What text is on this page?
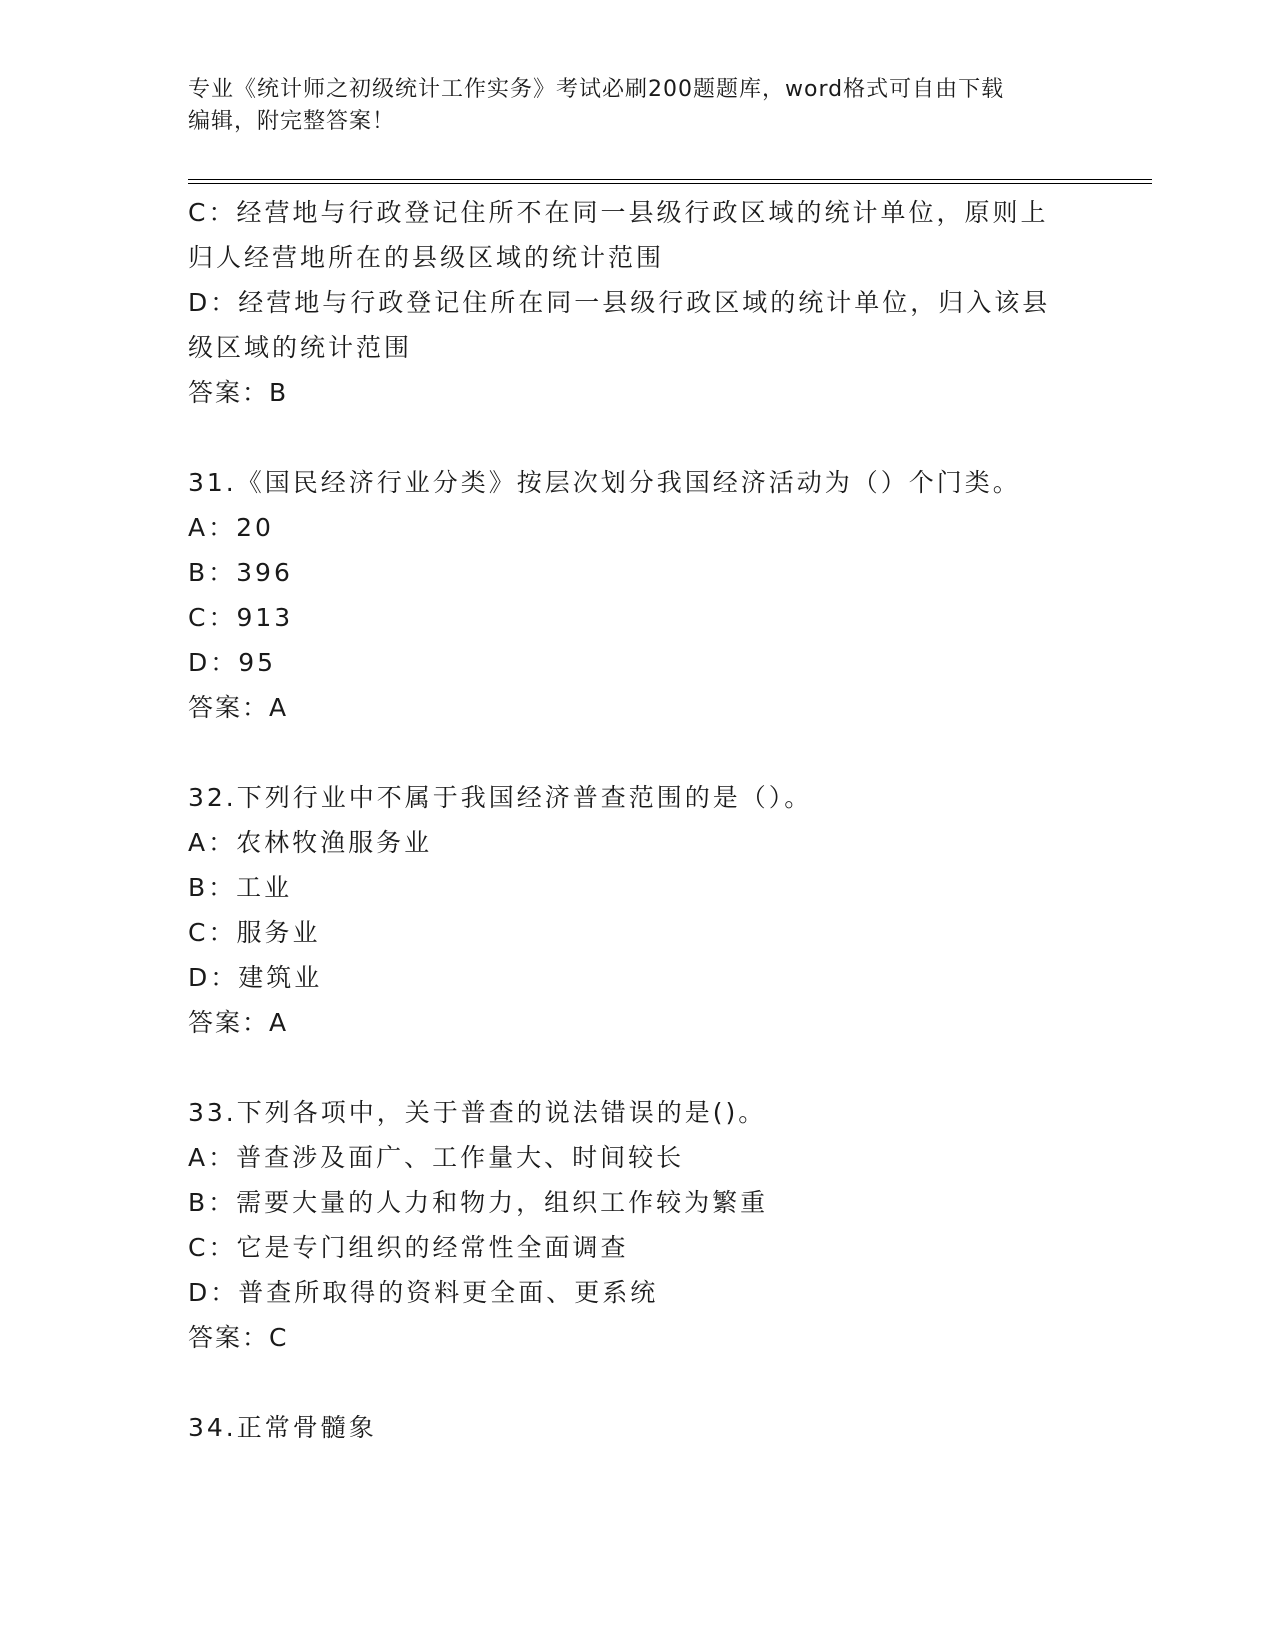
专业《统计师之初级统计工作实务》考试必刷200题题库，word格式可自由下载
编辑，附完整答案！
C：经营地与行政登记住所不在同一县级行政区域的统计单位，原则上
归人经营地所在的县级区域的统计范围
D：经营地与行政登记住所在同一县级行政区域的统计单位，归入该县
级区域的统计范围
答案：B
31.《国民经济行业分类》按层次划分我国经济活动为（）个门类。
A：20
B：396
C：913
D：95
答案：A
32.下列行业中不属于我国经济普查范围的是（）。
A：农林牧渔服务业
B：工业
C：服务业
D：建筑业
答案：A
33.下列各项中，关于普查的说法错误的是()。
A：普查涉及面广、工作量大、时间较长
B：需要大量的人力和物力，组织工作较为繁重
C：它是专门组织的经常性全面调查
D：普查所取得的资料更全面、更系统
答案：C
34.正常骨髓象
